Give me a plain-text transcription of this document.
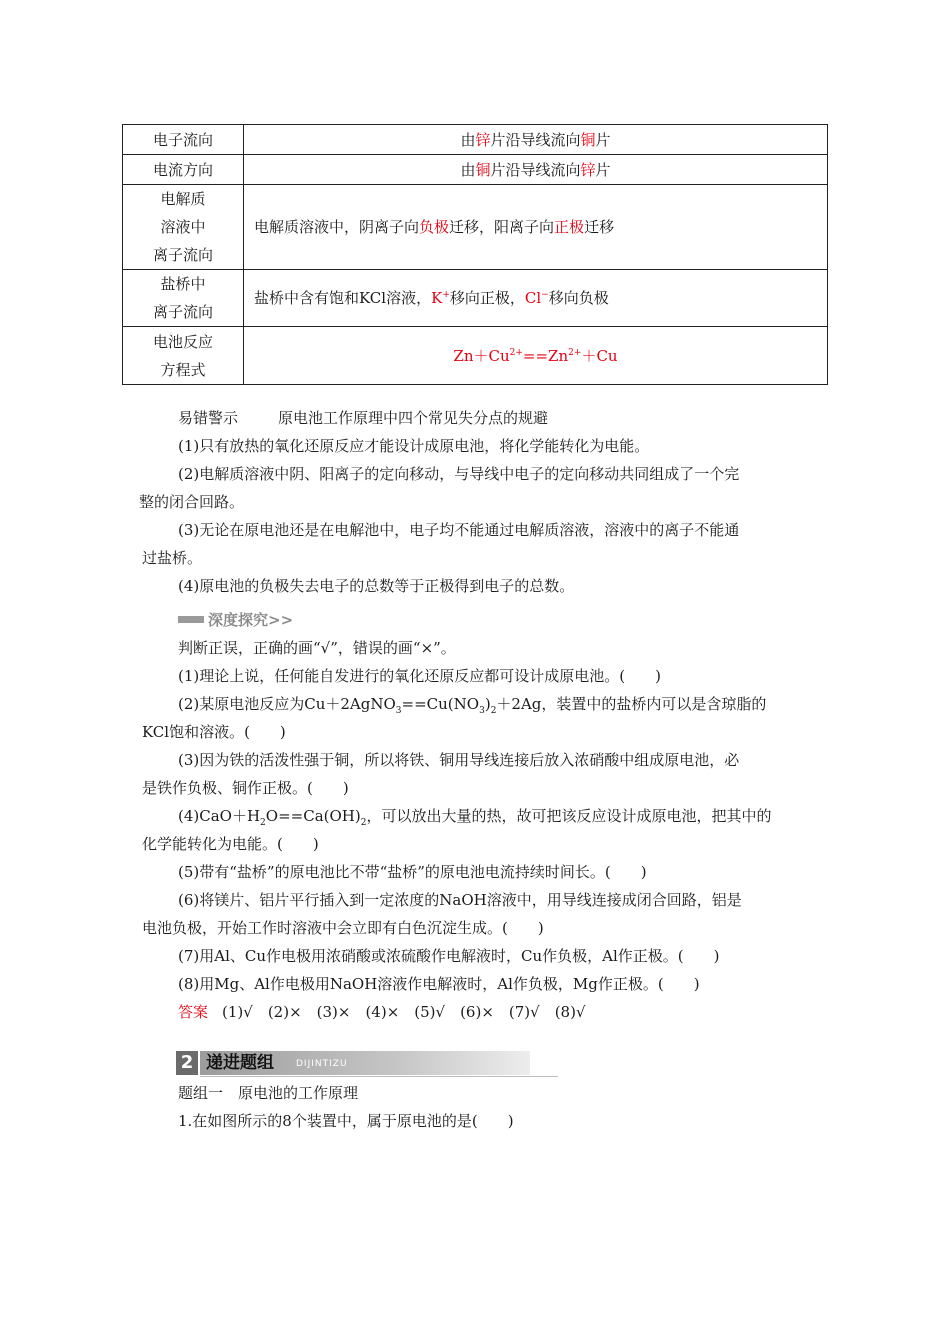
电子流向	由锌片沿导线流向铜片
电流方向	由铜片沿导线流向锌片

电解质
溶液中
离子流向	电解质溶液中，阴离子向负极迁移，阳离子向正极迁移

盐桥中
离子流向	盐桥中含有饱和KCl溶液，K+移向正极，Cl−移向负极

电池反应
方程式	$Zn+Cu^{2+}==Zn^{2+}+Cu$
易错警示	原电池工作原理中四个常见失分点的规避
(1)只有放热的氧化还原反应才能设计成原电池，将化学能转化为电能。
(2)电解质溶液中阴、阳离子的定向移动，与导线中电子的定向移动共同组成了一个完
整的闭合回路。
(3)无论在原电池还是在电解池中，电子均不能通过电解质溶液，溶液中的离子不能通
过盐桥。
(4)原电池的负极失去电子的总数等于正极得到电子的总数。
深度探究>>
判断正误，正确的画“√”，错误的画“×”。
(1)理论上说，任何能自发进行的氧化还原反应都可设计成原电池。(　　)
(2)某原电池反应为$Cu+2AgNO_3==Cu(NO_3)_2+2Ag$，装置中的盐桥内可以是含琼脂的
KCl饱和溶液。(　　)
(3)因为铁的活泼性强于铜，所以将铁、铜用导线连接后放入浓硝酸中组成原电池，必
是铁作负极、铜作正极。(　　)
$(4)CaO+H_2O==Ca(OH)_2$，可以放出大量的热，故可把该反应设计成原电池，把其中的
化学能转化为电能。(　　)
(5)带有“盐桥”的原电池比不带“盐桥”的原电池电流持续时间长。(　　)
(6)将镁片、铝片平行插入到一定浓度的NaOH溶液中，用导线连接成闭合回路，铝是
电池负极，开始工作时溶液中会立即有白色沉淀生成。(　　)
(7)用Al、Cu作电极用浓硝酸或浓硫酸作电解液时，Cu作负极，Al作正极。(　　)
(8)用Mg、Al作电极用NaOH溶液作电解液时，Al作负极，Mg作正极。(　　)
答案 (1)√　(2)×　(3)×　(4)×　(5)√　(6)×　(7)√　(8)√
2 递进题组 DIJINTIZU
题组一　原电池的工作原理
1.在如图所示的8个装置中，属于原电池的是(　　)
